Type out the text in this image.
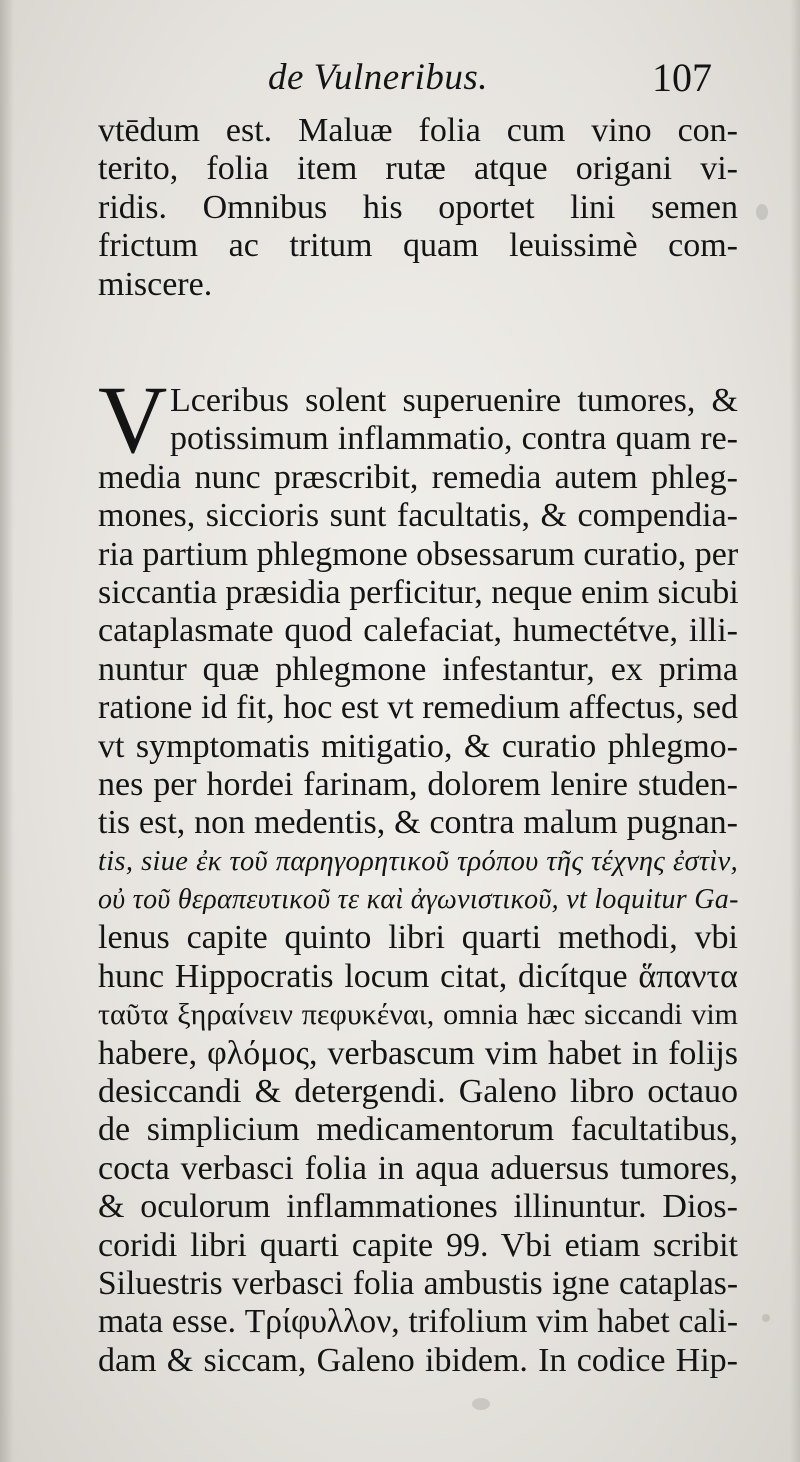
de Vulneribus.	107
vtēdum est. Maluæ folia cum vino con-
terito, folia item rutæ atque origani vi-
ridis. Omnibus his oportet lini semen
frictum ac tritum quam leuissimè com-
miscere.
V Lceribus solent superuenire tumores, &
potissimum inflammatio, contra quam re-
media nunc præscribit, remedia autem phleg-
mones, siccioris sunt facultatis, & compendia-
ria partium phlegmone obsessarum curatio, per
siccantia præsidia perficitur, neque enim sicubi
cataplasmate quod calefaciat, humectétve, illi-
nuntur quæ phlegmone infestantur, ex prima
ratione id fit, hoc est vt remedium affectus, sed
vt symptomatis mitigatio, & curatio phlegmo-
nes per hordei farinam, dolorem lenire studen-
tis est, non medentis, & contra malum pugnan-
tis, siue ἐκ τοῦ παρηγορητικοῦ τρόπου τῆς τέχνης ἐστὶν,
οὐ τοῦ θεραπευτικοῦ τε καὶ ἀγωνιστικοῦ, vt loquitur Ga-
lenus capite quinto libri quarti methodi, vbi
hunc Hippocratis locum citat, dicítque ἅπαντα
ταῦτα ξηραίνειν πεφυκέναι, omnia hæc siccandi vim
habere, φλόμος, verbascum vim habet in folijs
desiccandi & detergendi. Galeno libro octauo
de simplicium medicamentorum facultatibus,
cocta verbasci folia in aqua aduersus tumores,
& oculorum inflammationes illinuntur. Dios-
coridi libri quarti capite 99. Vbi etiam scribit
Siluestris verbasci folia ambustis igne cataplas-
mata esse. Τρίφυλλον, trifolium vim habet cali-
dam & siccam, Galeno ibidem. In codice Hip-
